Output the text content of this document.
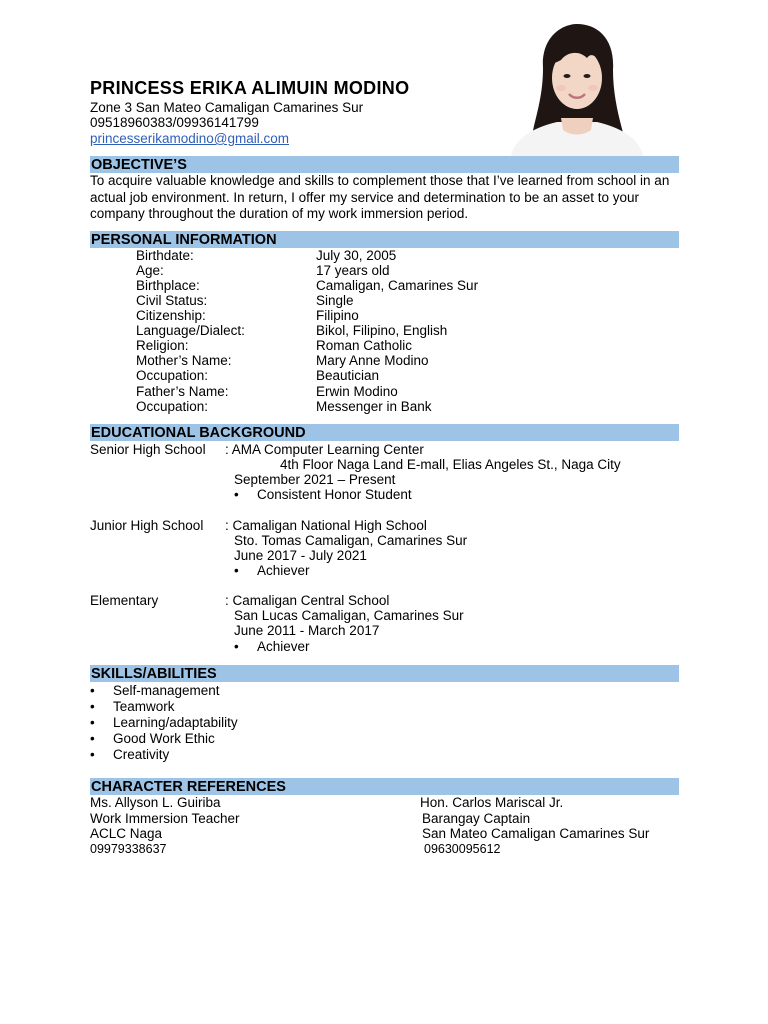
PRINCESS ERIKA ALIMUIN MODINO
Zone 3 San Mateo Camaligan Camarines Sur
09518960383/09936141799
princesserikamodino@gmail.com
OBJECTIVE’S
To acquire valuable knowledge and skills to complement those that I’ve learned from school in an actual job environment. In return, I offer my service and determination to be an asset to your company throughout the duration of my work immersion period.
PERSONAL INFORMATION
Birthdate:	July 30, 2005
Age:	17 years old
Birthplace:	Camaligan, Camarines Sur
Civil Status:	Single
Citizenship:	Filipino
Language/Dialect:	Bikol, Filipino, English
Religion:	Roman Catholic
Mother’s Name:	Mary Anne Modino
Occupation:	Beautician
Father’s Name:	Erwin Modino
Occupation:	Messenger in Bank
EDUCATIONAL BACKGROUND
Senior High School : AMA Computer Learning Center
4th Floor Naga Land E-mall, Elias Angeles St., Naga City
September 2021 – Present
• Consistent Honor Student
Junior High School : Camaligan National High School
Sto. Tomas Camaligan, Camarines Sur
June 2017 - July 2021
• Achiever
Elementary	: Camaligan Central School
San Lucas Camaligan, Camarines Sur
June 2011 - March 2017
• Achiever
SKILLS/ABILITIES
• Self-management
• Teamwork
• Learning/adaptability
• Good Work Ethic
• Creativity
CHARACTER REFERENCES
Ms. Allyson L. Guiriba
Work Immersion Teacher
ACLC Naga
09979338637
Hon. Carlos Mariscal Jr.
Barangay Captain
San Mateo Camaligan Camarines Sur
09630095612
